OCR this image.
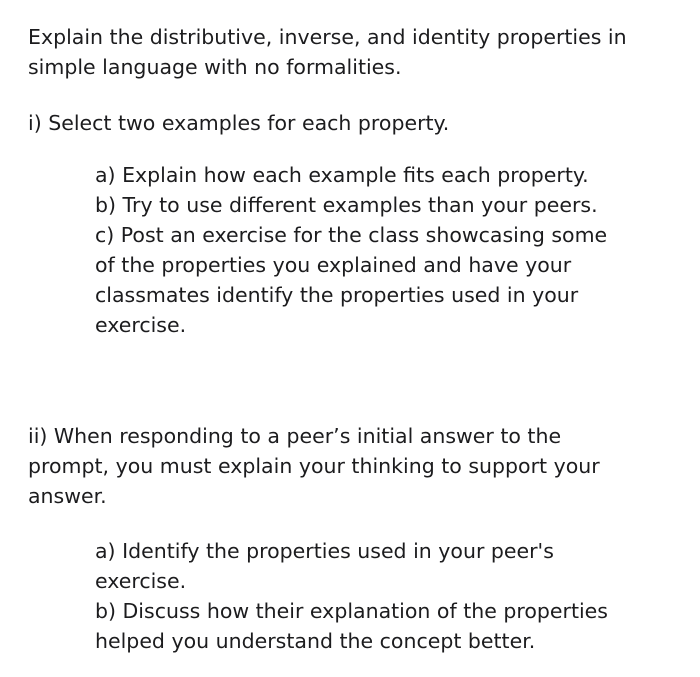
Explain the distributive, inverse, and identity properties in
simple language with no formalities.

i) Select two examples for each property.

a) Explain how each example fits each property.
b) Try to use different examples than your peers.
c) Post an exercise for the class showcasing some
of the properties you explained and have your
classmates identify the properties used in your
exercise.

ii) When responding to a peer’s initial answer to the
prompt, you must explain your thinking to support your
answer.

a) Identify the properties used in your peer's
exercise.
b) Discuss how their explanation of the properties
helped you understand the concept better.
